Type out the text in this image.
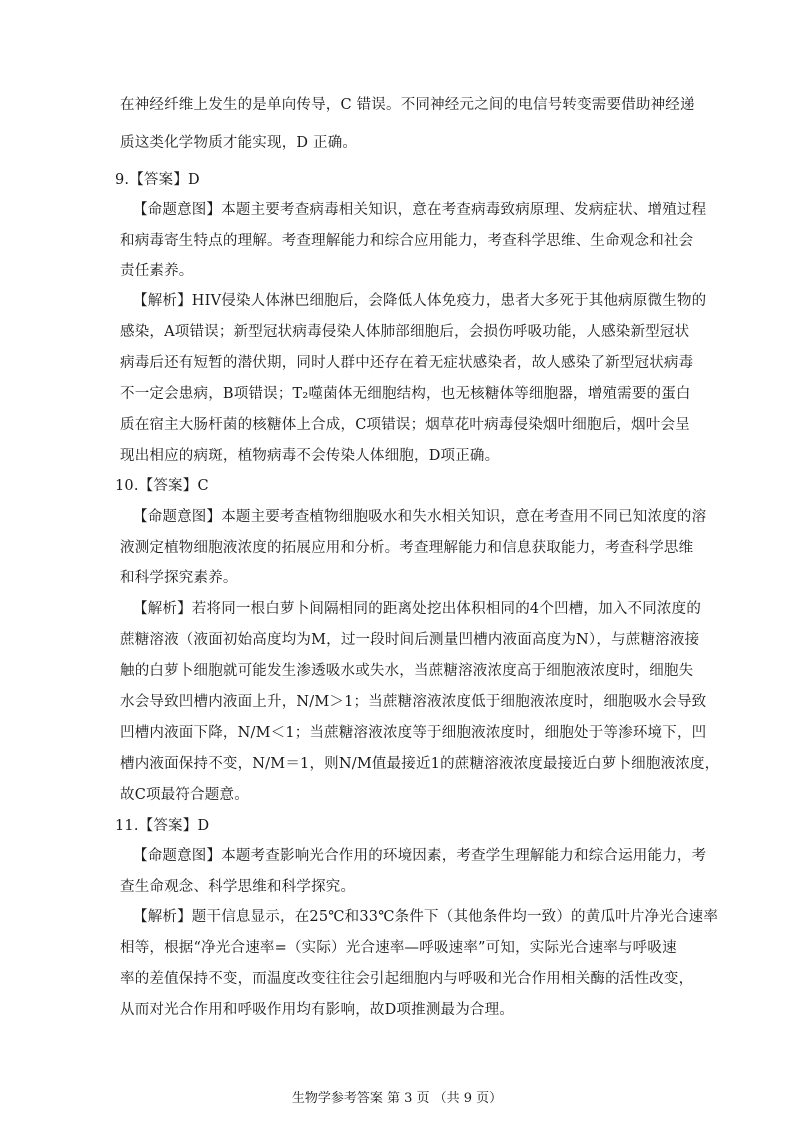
在神经纤维上发生的是单向传导，C 错误。不同神经元之间的电信号转变需要借助神经递
质这类化学物质才能实现，D 正确。
9.【答案】D
【命题意图】本题主要考查病毒相关知识，意在考查病毒致病原理、发病症状、增殖过程
和病毒寄生特点的理解。考查理解能力和综合应用能力，考查科学思维、生命观念和社会
责任素养。
【解析】HIV侵染人体淋巴细胞后，会降低人体免疫力，患者大多死于其他病原微生物的
感染，A项错误；新型冠状病毒侵染人体肺部细胞后，会损伤呼吸功能，人感染新型冠状
病毒后还有短暂的潜伏期，同时人群中还存在着无症状感染者，故人感染了新型冠状病毒
不一定会患病，B项错误；T₂噬菌体无细胞结构，也无核糖体等细胞器，增殖需要的蛋白
质在宿主大肠杆菌的核糖体上合成，C项错误；烟草花叶病毒侵染烟叶细胞后，烟叶会呈
现出相应的病斑，植物病毒不会传染人体细胞，D项正确。
10.【答案】C
【命题意图】本题主要考查植物细胞吸水和失水相关知识，意在考查用不同已知浓度的溶
液测定植物细胞液浓度的拓展应用和分析。考查理解能力和信息获取能力，考查科学思维
和科学探究素养。
【解析】若将同一根白萝卜间隔相同的距离处挖出体积相同的4个凹槽，加入不同浓度的
蔗糖溶液（液面初始高度均为M，过一段时间后测量凹槽内液面高度为N），与蔗糖溶液接
触的白萝卜细胞就可能发生渗透吸水或失水，当蔗糖溶液浓度高于细胞液浓度时，细胞失
水会导致凹槽内液面上升，N/M＞1；当蔗糖溶液浓度低于细胞液浓度时，细胞吸水会导致
凹槽内液面下降，N/M＜1；当蔗糖溶液浓度等于细胞液浓度时，细胞处于等渗环境下，凹
槽内液面保持不变，N/M＝1，则N/M值最接近1的蔗糖溶液浓度最接近白萝卜细胞液浓度，
故C项最符合题意。
11.【答案】D
【命题意图】本题考查影响光合作用的环境因素，考查学生理解能力和综合运用能力，考
查生命观念、科学思维和科学探究。
【解析】题干信息显示，在25℃和33℃条件下（其他条件均一致）的黄瓜叶片净光合速率
相等，根据“净光合速率=（实际）光合速率—呼吸速率”可知，实际光合速率与呼吸速
率的差值保持不变，而温度改变往往会引起细胞内与呼吸和光合作用相关酶的活性改变，
从而对光合作用和呼吸作用均有影响，故D项推测最为合理。
生物学参考答案 第 3 页 （共 9 页）
